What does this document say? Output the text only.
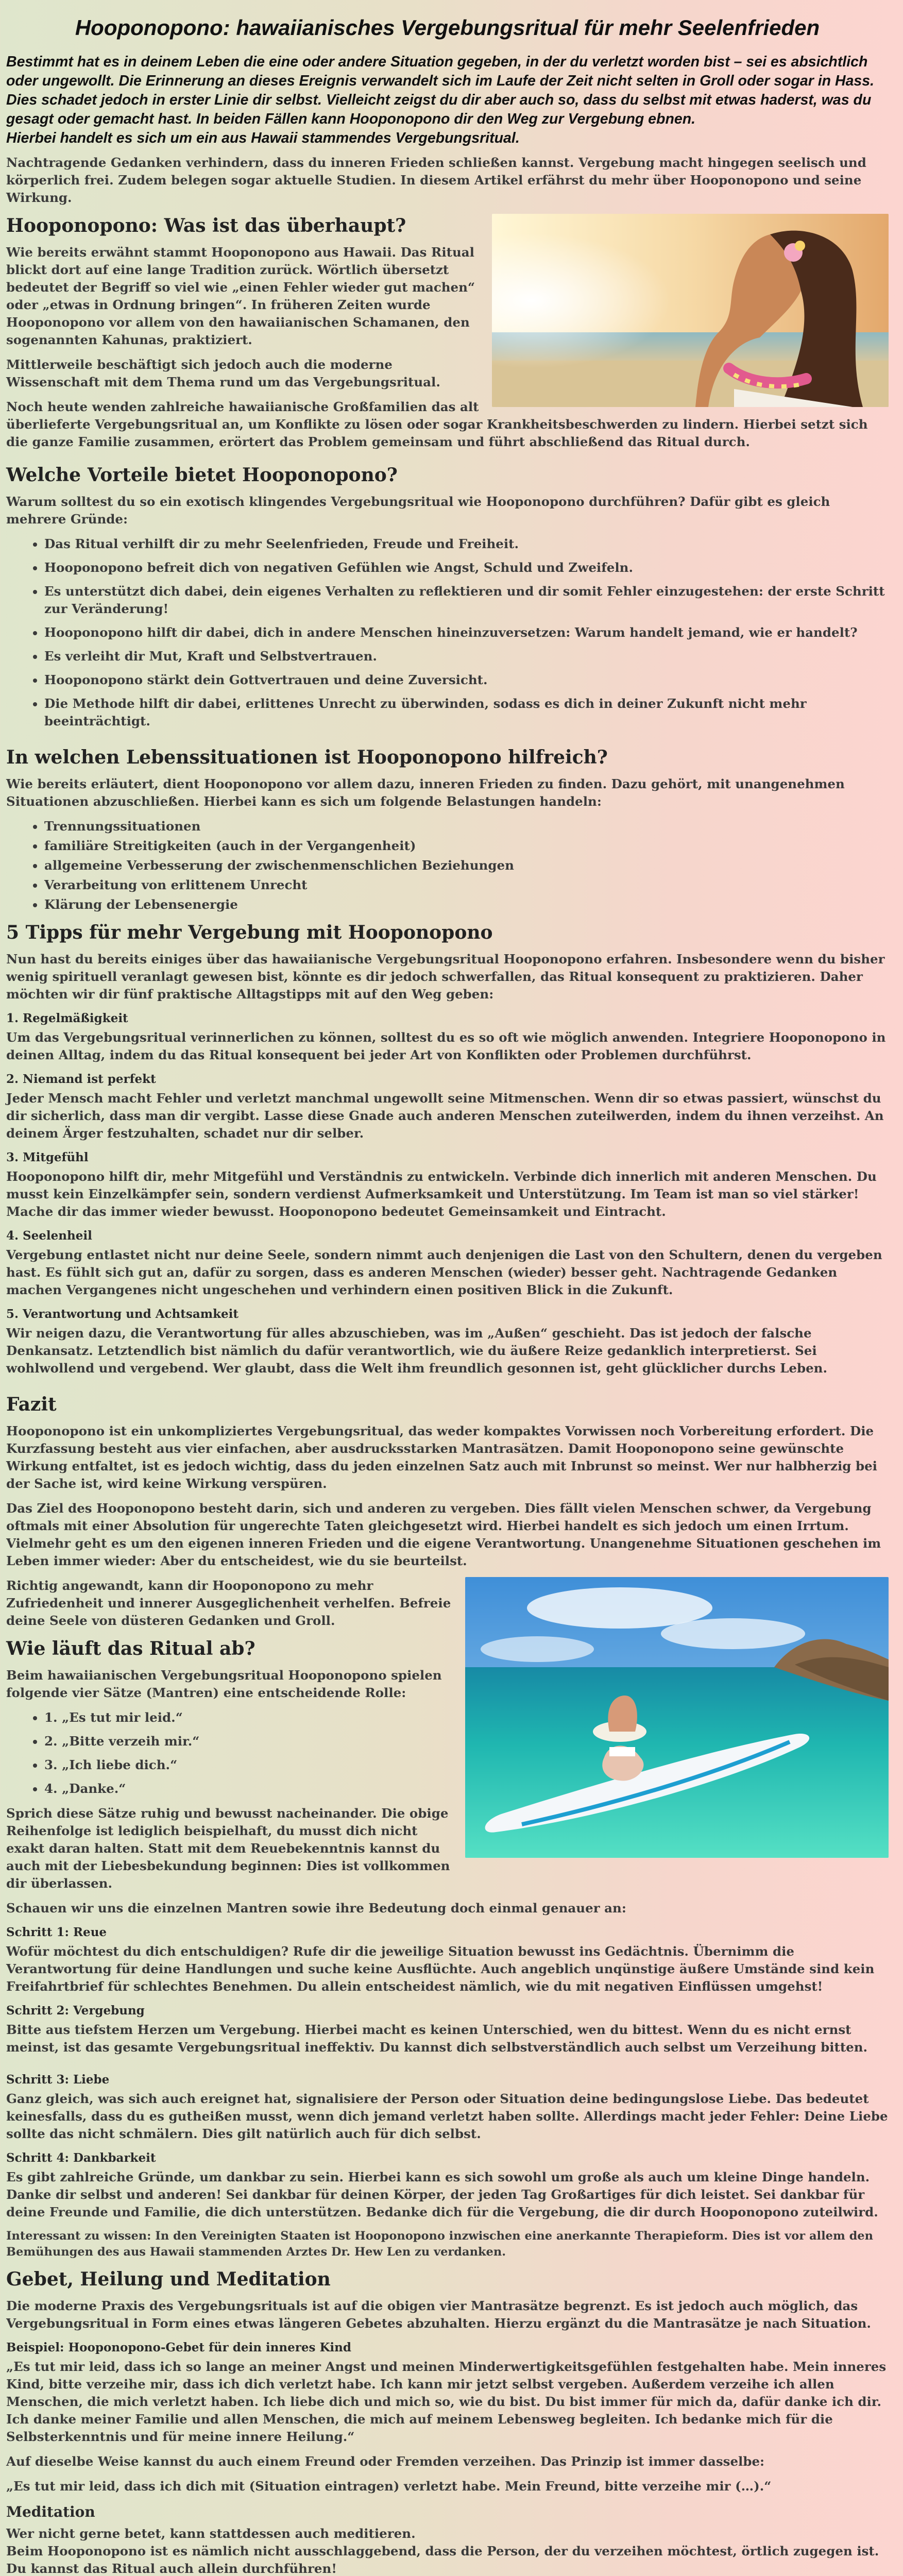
Hooponopono: hawaiianisches Vergebungsritual für mehr Seelenfrieden

Bestimmt hat es in deinem Leben die eine oder andere Situation gegeben, in der du verletzt worden bist – sei es absichtlich oder ungewollt. Die Erinnerung an dieses Ereignis verwandelt sich im Laufe der Zeit nicht selten in Groll oder sogar in Hass. Dies schadet jedoch in erster Linie dir selbst. Vielleicht zeigst du dir aber auch so, dass du selbst mit etwas haderst, was du gesagt oder gemacht hast. In beiden Fällen kann Hooponopono dir den Weg zur Vergebung ebnen.

Hierbei handelt es sich um ein aus Hawaii stammendes Vergebungsritual.

Nachtragende Gedanken verhindern, dass du inneren Frieden schließen kannst. Vergebung macht hingegen seelisch und körperlich frei. Zudem belegen sogar aktuelle Studien. In diesem Artikel erfährst du mehr über Hooponopono und seine Wirkung.

Hooponopono: Was ist das überhaupt?

Wie bereits erwähnt stammt Hooponopono aus Hawaii. Das Ritual blickt dort auf eine lange Tradition zurück. Wörtlich übersetzt bedeutet der Begriff so viel wie „einen Fehler wieder gut machen“ oder „etwas in Ordnung bringen“. In früheren Zeiten wurde Hooponopono vor allem von den hawaiianischen Schamanen, den sogenannten Kahunas, praktiziert.

Mittlerweile beschäftigt sich jedoch auch die moderne Wissenschaft mit dem Thema rund um das Vergebungsritual.

Noch heute wenden zahlreiche hawaiianische Großfamilien das alt überlieferte Vergebungsritual an, um Konflikte zu lösen oder sogar Krankheitsbeschwerden zu lindern. Hierbei setzt sich die ganze Familie zusammen, erörtert das Problem gemeinsam und führt abschließend das Ritual durch.

Welche Vorteile bietet Hooponopono?

Warum solltest du so ein exotisch klingendes Vergebungsritual wie Hooponopono durchführen? Dafür gibt es gleich mehrere Gründe:

• Das Ritual verhilft dir zu mehr Seelenfrieden, Freude und Freiheit.
• Hooponopono befreit dich von negativen Gefühlen wie Angst, Schuld und Zweifeln.
• Es unterstützt dich dabei, dein eigenes Verhalten zu reflektieren und dir somit Fehler einzugestehen: der erste Schritt zur Veränderung!
• Hooponopono hilft dir dabei, dich in andere Menschen hineinzuversetzen: Warum handelt jemand, wie er handelt?
• Es verleiht dir Mut, Kraft und Selbstvertrauen.
• Hooponopono stärkt dein Gottvertrauen und deine Zuversicht.
• Die Methode hilft dir dabei, erlittenes Unrecht zu überwinden, sodass es dich in deiner Zukunft nicht mehr beeinträchtigt.
In welchen Lebenssituationen ist Hooponopono hilfreich?

Wie bereits erläutert, dient Hooponopono vor allem dazu, inneren Frieden zu finden. Dazu gehört, mit unangenehmen Situationen abzuschließen. Hierbei kann es sich um folgende Belastungen handeln:

• Trennungssituationen
• familiäre Streitigkeiten (auch in der Vergangenheit)
• allgemeine Verbesserung der zwischenmenschlichen Beziehungen
• Verarbeitung von erlittenem Unrecht
• Klärung der Lebensenergie
5 Tipps für mehr Vergebung mit Hooponopono

Nun hast du bereits einiges über das hawaiianische Vergebungsritual Hooponopono erfahren. Insbesondere wenn du bisher wenig spirituell veranlagt gewesen bist, könnte es dir jedoch schwerfallen, das Ritual konsequent zu praktizieren. Daher möchten wir dir fünf praktische Alltagstipps mit auf den Weg geben:

1. Regelmäßigkeit

Um das Vergebungsritual verinnerlichen zu können, solltest du es so oft wie möglich anwenden. Integriere Hooponopono in deinen Alltag, indem du das Ritual konsequent bei jeder Art von Konflikten oder Problemen durchführst.

2. Niemand ist perfekt

Jeder Mensch macht Fehler und verletzt manchmal ungewollt seine Mitmenschen. Wenn dir so etwas passiert, wünschst du dir sicherlich, dass man dir vergibt. Lasse diese Gnade auch anderen Menschen zuteilwerden, indem du ihnen verzeihst. An deinem Ärger festzuhalten, schadet nur dir selber.

3. Mitgefühl

Hooponopono hilft dir, mehr Mitgefühl und Verständnis zu entwickeln. Verbinde dich innerlich mit anderen Menschen. Du musst kein Einzelkämpfer sein, sondern verdienst Aufmerksamkeit und Unterstützung. Im Team ist man so viel stärker! Mache dir das immer wieder bewusst. Hooponopono bedeutet Gemeinsamkeit und Eintracht.

4. Seelenheil

Vergebung entlastet nicht nur deine Seele, sondern nimmt auch denjenigen die Last von den Schultern, denen du vergeben hast. Es fühlt sich gut an, dafür zu sorgen, dass es anderen Menschen (wieder) besser geht. Nachtragende Gedanken machen Vergangenes nicht ungeschehen und verhindern einen positiven Blick in die Zukunft.

5. Verantwortung und Achtsamkeit

Wir neigen dazu, die Verantwortung für alles abzuschieben, was im „Außen“ geschieht. Das ist jedoch der falsche Denkansatz. Letztendlich bist nämlich du dafür verantwortlich, wie du äußere Reize gedanklich interpretierst. Sei wohlwollend und vergebend. Wer glaubt, dass die Welt ihm freundlich gesonnen ist, geht glücklicher durchs Leben.

Fazit

Hooponopono ist ein unkompliziertes Vergebungsritual, das weder kompaktes Vorwissen noch Vorbereitung erfordert. Die Kurzfassung besteht aus vier einfachen, aber ausdrucksstarken Mantrasätzen. Damit Hooponopono seine gewünschte Wirkung entfaltet, ist es jedoch wichtig, dass du jeden einzelnen Satz auch mit Inbrunst so meinst. Wer nur halbherzig bei der Sache ist, wird keine Wirkung verspüren.

Das Ziel des Hooponopono besteht darin, sich und anderen zu vergeben. Dies fällt vielen Menschen schwer, da Vergebung oftmals mit einer Absolution für ungerechte Taten gleichgesetzt wird. Hierbei handelt es sich jedoch um einen Irrtum. Vielmehr geht es um den eigenen inneren Frieden und die eigene Verantwortung. Unangenehme Situationen geschehen im Leben immer wieder: Aber du entscheidest, wie du sie beurteilst.

Richtig angewandt, kann dir Hooponopono zu mehr Zufriedenheit und innerer Ausgeglichenheit verhelfen. Befreie deine Seele von düsteren Gedanken und Groll.

Wie läuft das Ritual ab?

Beim hawaiianischen Vergebungsritual Hooponopono spielen folgende vier Sätze (Mantren) eine entscheidende Rolle:

• 1. „Es tut mir leid.“
• 2. „Bitte verzeih mir.“
• 3. „Ich liebe dich.“
• 4. „Danke.“

Sprich diese Sätze ruhig und bewusst nacheinander. Die obige Reihenfolge ist lediglich beispielhaft, du musst dich nicht exakt daran halten. Statt mit dem Reuebekenntnis kannst du auch mit der Liebesbekundung beginnen: Dies ist vollkommen dir überlassen.

Schauen wir uns die einzelnen Mantren sowie ihre Bedeutung doch einmal genauer an:

Schritt 1: Reue

Wofür möchtest du dich entschuldigen? Rufe dir die jeweilige Situation bewusst ins Gedächtnis. Übernimm die Verantwortung für deine Handlungen und suche keine Ausflüchte. Auch angeblich unqünstige äußere Umstände sind kein Freifahrtbrief für schlechtes Benehmen. Du allein entscheidest nämlich, wie du mit negativen Einflüssen umgehst!

Schritt 2: Vergebung

Bitte aus tiefstem Herzen um Vergebung. Hierbei macht es keinen Unterschied, wen du bittest. Wenn du es nicht ernst meinst, ist das gesamte Vergebungsritual ineffektiv. Du kannst dich selbstverständlich auch selbst um Verzeihung bitten.

Schritt 3: Liebe

Ganz gleich, was sich auch ereignet hat, signalisiere der Person oder Situation deine bedingungslose Liebe. Das bedeutet keinesfalls, dass du es gutheißen musst, wenn dich jemand verletzt haben sollte. Allerdings macht jeder Fehler: Deine Liebe sollte das nicht schmälern. Dies gilt natürlich auch für dich selbst.

Schritt 4: Dankbarkeit

Es gibt zahlreiche Gründe, um dankbar zu sein. Hierbei kann es sich sowohl um große als auch um kleine Dinge handeln. Danke dir selbst und anderen! Sei dankbar für deinen Körper, der jeden Tag Großartiges für dich leistet. Sei dankbar für deine Freunde und Familie, die dich unterstützen. Bedanke dich für die Vergebung, die dir durch Hooponopono zuteilwird.

Interessant zu wissen: In den Vereinigten Staaten ist Hooponopono inzwischen eine anerkannte Therapieform. Dies ist vor allem den Bemühungen des aus Hawaii stammenden Arztes Dr. Hew Len zu verdanken.

Gebet, Heilung und Meditation

Die moderne Praxis des Vergebungsrituals ist auf die obigen vier Mantrasätze begrenzt. Es ist jedoch auch möglich, das Vergebungsritual in Form eines etwas längeren Gebetes abzuhalten. Hierzu ergänzt du die Mantrasätze je nach Situation.

Beispiel: Hooponopono-Gebet für dein inneres Kind

„Es tut mir leid, dass ich so lange an meiner Angst und meinen Minderwertigkeitsgefühlen festgehalten habe. Mein inneres Kind, bitte verzeihe mir, dass ich dich verletzt habe. Ich kann mir jetzt selbst vergeben. Außerdem verzeihe ich allen Menschen, die mich verletzt haben. Ich liebe dich und mich so, wie du bist. Du bist immer für mich da, dafür danke ich dir. Ich danke meiner Familie und allen Menschen, die mich auf meinem Lebensweg begleiten. Ich bedanke mich für die Selbsterkenntnis und für meine innere Heilung.“

Auf dieselbe Weise kannst du auch einem Freund oder Fremden verzeihen. Das Prinzip ist immer dasselbe:

„Es tut mir leid, dass ich dich mit (Situation eintragen) verletzt habe. Mein Freund, bitte verzeihe mir (…).“

Meditation

Wer nicht gerne betet, kann stattdessen auch meditieren.
Beim Hooponopono ist es nämlich nicht ausschlaggebend, dass die Person, der du verzeihen möchtest, örtlich zugegen ist. Du kannst das Ritual auch allein durchführen!
